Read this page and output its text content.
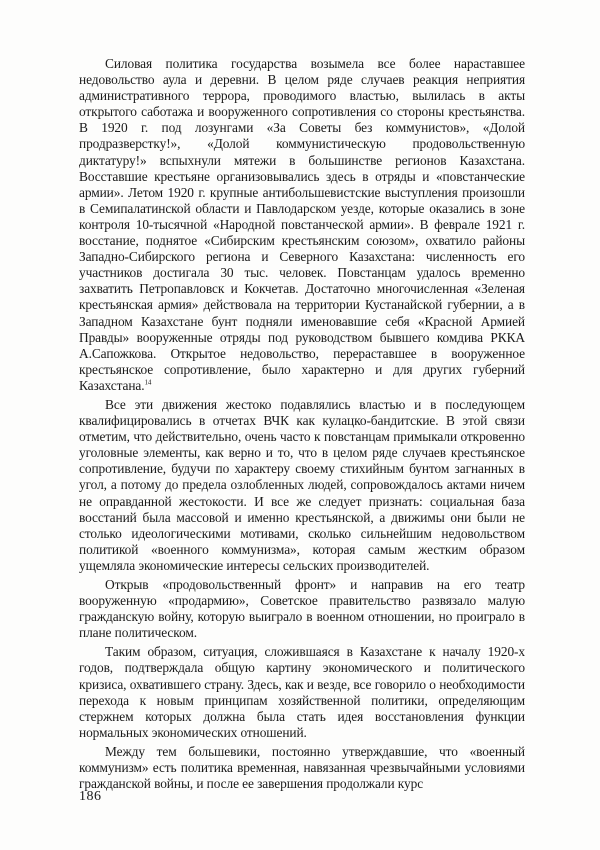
Силовая политика государства возымела все более нараставшее недовольство аула и деревни. В целом ряде случаев реакция неприятия административного террора, проводимого властью, вылилась в акты открытого саботажа и вооруженного сопротивления со стороны крестьянства. В 1920 г. под лозунгами «За Советы без коммунистов», «Долой продразверстку!», «Долой коммунистическую продовольственную диктатуру!» вспыхнули мятежи в большинстве регионов Казахстана. Восставшие крестьяне организовывались здесь в отряды и «повстанческие армии». Летом 1920 г. крупные антибольшевистские выступления произошли в Семипалатинской области и Павлодарском уезде, которые оказались в зоне контроля 10-тысячной «Народной повстанческой армии». В феврале 1921 г. восстание, поднятое «Сибирским крестьянским союзом», охватило районы Западно-Сибирского региона и Северного Казахстана: численность его участников достигала 30 тыс. человек. Повстанцам удалось временно захватить Петропавловск и Кокчетав. Достаточно многочисленная «Зеленая крестьянская армия» действовала на территории Кустанайской губернии, а в Западном Казахстане бунт подняли именовавшие себя «Красной Армией Правды» вооруженные отряды под руководством бывшего комдива РККА А.Сапожкова. Открытое недовольство, перераставшее в вооруженное крестьянское сопротивление, было характерно и для других губерний Казахстана.$^{14}$

Все эти движения жестоко подавлялись властью и в последующем квалифицировались в отчетах ВЧК как кулацко-бандитские. В этой связи отметим, что действительно, очень часто к повстанцам примыкали откровенно уголовные элементы, как верно и то, что в целом ряде случаев крестьянское сопротивление, будучи по характеру своему стихийным бунтом загнанных в угол, а потому до предела озлобленных людей, сопровождалось актами ничем не оправданной жестокости. И все же следует признать: социальная база восстаний была массовой и именно крестьянской, а движимы они были не столько идеологическими мотивами, сколько сильнейшим недовольством политикой «военного коммунизма», которая самым жестким образом ущемляла экономические интересы сельских производителей.

Открыв «продовольственный фронт» и направив на его театр вооруженную «продармию», Советское правительство развязало малую гражданскую войну, которую выиграло в военном отношении, но проиграло в плане политическом.

Таким образом, ситуация, сложившаяся в Казахстане к началу 1920-х годов, подтверждала общую картину экономического и политического кризиса, охватившего страну. Здесь, как и везде, все говорило о необходимости перехода к новым принципам хозяйственной политики, определяющим стержнем которых должна была стать идея восстановления функции нормальных экономических отношений.

Между тем большевики, постоянно утверждавшие, что «военный коммунизм» есть политика временная, навязанная чрезвычайными условиями гражданской войны, и после ее завершения продолжали курс

186
